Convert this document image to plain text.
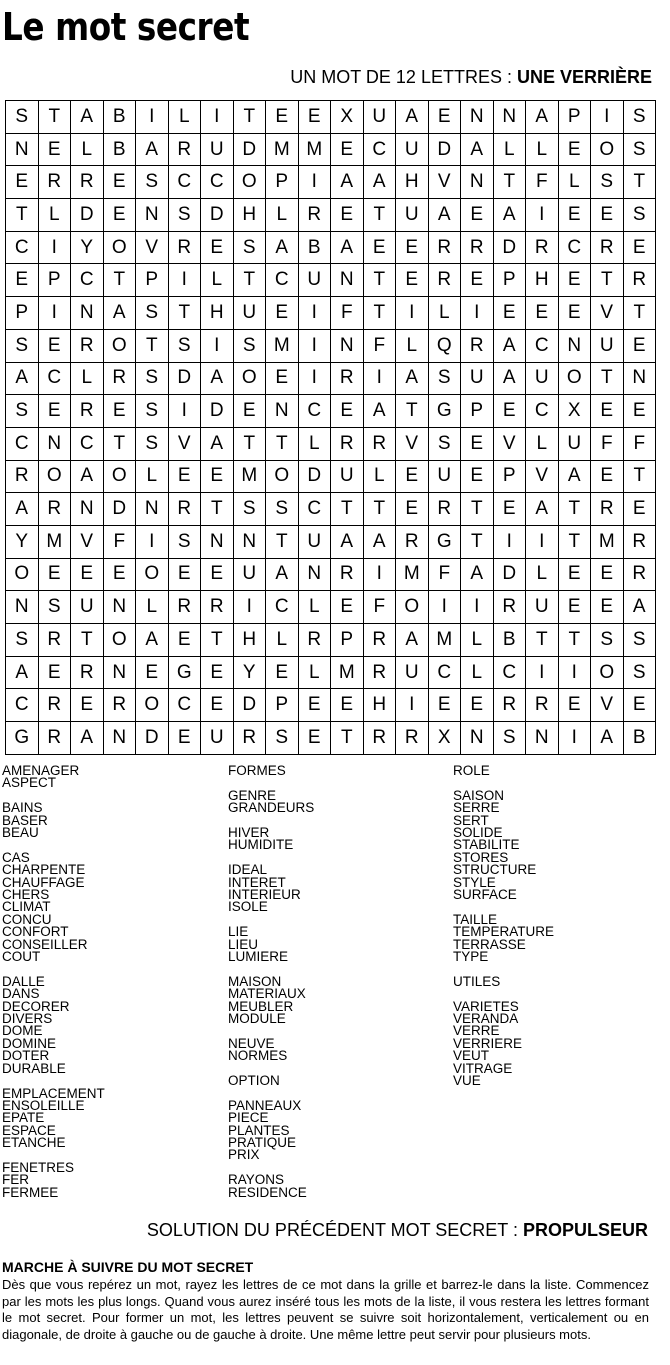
Le mot secret
UN MOT DE 12 LETTRES : UNE VERRIÈRE
S	T	A	B	I	L	I	T	E	E	X	U	A	E	N	N	A	P	I	S
N	E	L	B	A	R	U	D	M	M	E	C	U	D	A	L	L	E	O	S
E	R	R	E	S	C	C	O	P	I	A	A	H	V	N	T	F	L	S	T
T	L	D	E	N	S	D	H	L	R	E	T	U	A	E	A	I	E	E	S
C	I	Y	O	V	R	E	S	A	B	A	E	E	R	R	D	R	C	R	E
E	P	C	T	P	I	L	T	C	U	N	T	E	R	E	P	H	E	T	R
P	I	N	A	S	T	H	U	E	I	F	T	I	L	I	E	E	E	V	T
S	E	R	O	T	S	I	S	M	I	N	F	L	Q	R	A	C	N	U	E
A	C	L	R	S	D	A	O	E	I	R	I	A	S	U	A	U	O	T	N
S	E	R	E	S	I	D	E	N	C	E	A	T	G	P	E	C	X	E	E
C	N	C	T	S	V	A	T	T	L	R	R	V	S	E	V	L	U	F	F
R	O	A	O	L	E	E	M	O	D	U	L	E	U	E	P	V	A	E	T
A	R	N	D	N	R	T	S	S	C	T	T	E	R	T	E	A	T	R	E
Y	M	V	F	I	S	N	N	T	U	A	A	R	G	T	I	I	T	M	R
O	E	E	E	O	E	E	U	A	N	R	I	M	F	A	D	L	E	E	R
N	S	U	N	L	R	R	I	C	L	E	F	O	I	I	R	U	E	E	A
S	R	T	O	A	E	T	H	L	R	P	R	A	M	L	B	T	T	S	S
A	E	R	N	E	G	E	Y	E	L	M	R	U	C	L	C	I	I	O	S
C	R	E	R	O	C	E	D	P	E	E	H	I	E	E	R	R	E	V	E
G	R	A	N	D	E	U	R	S	E	T	R	R	X	N	S	N	I	A	B
AMENAGER
ASPECT
BAINS
BASER
BEAU
CAS
CHARPENTE
CHAUFFAGE
CHERS
CLIMAT
CONCU
CONFORT
CONSEILLER
COUT
DALLE
DANS
DECORER
DIVERS
DOME
DOMINE
DOTER
DURABLE
EMPLACEMENT
ENSOLEILLE
EPATE
ESPACE
ETANCHE
FENETRES
FER
FERMEE
FORMES
GENRE
GRANDEURS
HIVER
HUMIDITE
IDEAL
INTERET
INTERIEUR
ISOLE
LIE
LIEU
LUMIERE
MAISON
MATERIAUX
MEUBLER
MODULE
NEUVE
NORMES
OPTION
PANNEAUX
PIECE
PLANTES
PRATIQUE
PRIX
RAYONS
RESIDENCE
ROLE
SAISON
SERRE
SERT
SOLIDE
STABILITE
STORES
STRUCTURE
STYLE
SURFACE
TAILLE
TEMPERATURE
TERRASSE
TYPE
UTILES
VARIETES
VERANDA
VERRE
VERRIERE
VEUT
VITRAGE
VUE
SOLUTION DU PRÉCÉDENT MOT SECRET : PROPULSEUR
MARCHE À SUIVRE DU MOT SECRET

Dès que vous repérez un mot, rayez les lettres de ce mot dans la grille et barrez-le dans la liste. Commencez par les mots les plus longs. Quand vous aurez inséré tous les mots de la liste, il vous restera les lettres formant le mot secret. Pour former un mot, les lettres peuvent se suivre soit horizontalement, verticalement ou en diagonale, de droite à gauche ou de gauche à droite. Une même lettre peut servir pour plusieurs mots.
